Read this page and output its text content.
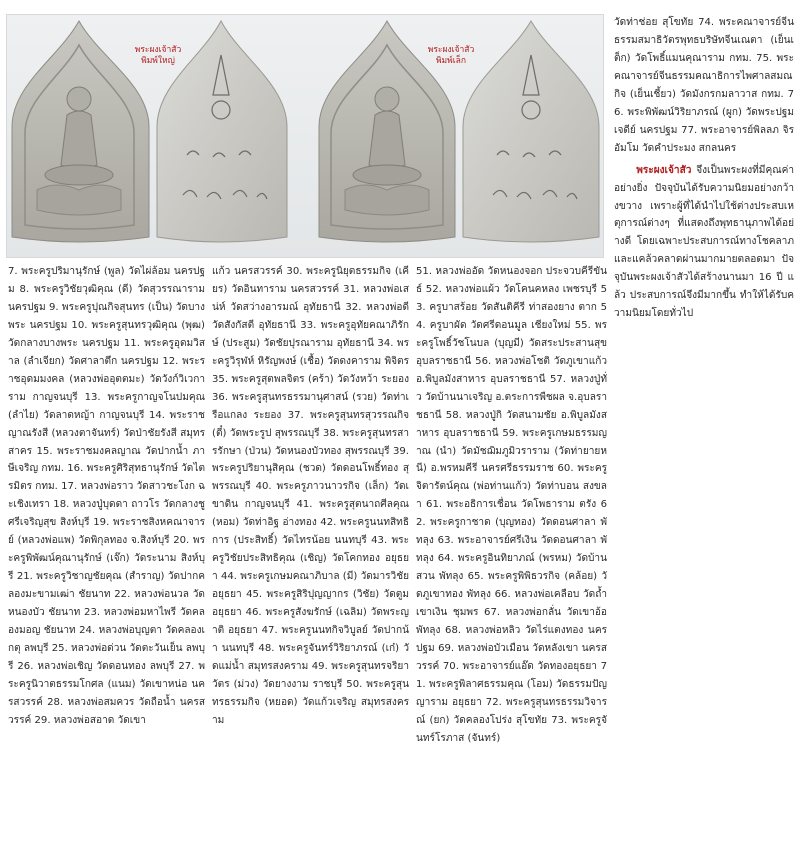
พระผงเจ้าสัว
พิมพ์ใหญ่
พระผงเจ้าสัว
พิมพ์เล็ก

7. พระครูปริมานุรักษ์ (พูล) วัดไผ่ล้อม นครปฐม 8. พระครูวิชัยวุฒิคุณ (ดี) วัดสุวรรณาราม นครปฐม 9. พระครูปุณกิจสุนทร (เป็น) วัดบางพระ นครปฐม 10. พระครูสุนทรวุฒิคุณ (พุฒ) วัดกลางบางพระ นครปฐม 11. พระครูอุดมวิสาล (ลำเจียก) วัดศาลาตึก นครปฐม 12. พระราชอุดมมงคล (หลวงพ่ออุตตมะ) วัดวังก์วิเวการาม กาญจนบุรี 13. พระครูกาญจโนปมคุณ (ลำไย) วัดลาดหญ้า กาญจนบุรี 14. พระราชญาณรังสี (หลวงตาจันทร์) วัดป่าชัยรังสี สมุทรสาคร 15. พระราชมงคลญาณ วัดปากน้ำ ภาษีเจริญ กทม. 16. พระครูศิริสุทธานุรักษ์ วัดไตรมิตร กทม. 17. หลวงพ่อราว วัดสาวชะโงก ฉะเชิงเทรา 18. หลวงปู่บุดดา ถาวโร วัดกลางชูศรีเจริญสุข สิงห์บุรี 19. พระราชสิงหคณาจารย์ (หลวงพ่อแพ) วัดพิกุลทอง จ.สิงห์บุรี 20. พระครูพิพัฒน์คุณานุรักษ์ (เจ๊ก) วัดระนาม สิงห์บุรี 21. พระครูวิชาญชัยคุณ (สำราญ) วัดปากคลองมะขามเฒ่า ชัยนาท 22. หลวงพ่อนวล วัดหนองบัว ชัยนาท 23. หลวงพ่อมหาไพรี วัดคลองมอญ ชัยนาท 24. หลวงพ่อบุญตา วัดคลองเกตุ ลพบุรี 25. หลวงพ่อด่วน วัดตะวันเย็น ลพบุรี 26. หลวงพ่อเชิญ วัดดอนทอง ลพบุรี 27. พระครูนิวาตธรรมโกศล (แนม) วัดเขาหน่อ นครสวรรค์ 28. หลวงพ่อสมควร วัดถือน้ำ นครสวรรค์ 29. หลวงพ่อสอาด วัดเขา

แก้ว นครสวรรค์ 30. พระครูนิยุตธรรมกิจ (เคียร) วัดอินทาราม นครสวรรค์ 31. หลวงพ่อเสน่ห์ วัดสว่างอารมณ์ อุทัยธานี 32. หลวงพ่อดี วัดสังกัสตี อุทัยธานี 33. พระครูอุทัยคณาภิรักษ์ (ประสูม) วัดชัยปุรณาราม อุทัยธานี 34. พระครูวิรุฬห์ หิรัญพงษ์ (เชื้อ) วัดดงคาราม พิจิตร 35. พระครูสุตพลจิตร (คร้า) วัดวังหว้า ระยอง 36. พระครูสุนทรธรรมานุศาสน์ (รวย) วัดท่าเรือแกลง ระยอง 37. พระครูสุนทรสุวรรณกิจ (ตี๋) วัดพระรูป สุพรรณบุรี 38. พระครูสุนทรสารรักษา (ป่วน) วัดหนองบัวทอง สุพรรณบุรี 39. พระครูปริยานุสิคุณ (ชวด) วัดดอนโพธิ์ทอง สุพรรณบุรี 40. พระครูภาวนาวรกิจ (เล็ก) วัดเขาดิน กาญจนบุรี 41. พระครูสุตนาถศีลคุณ (หอม) วัดท่าอิฐ อ่างทอง 42. พระครูนนทสิทธิการ (ประสิทธิ์) วัดไทรน้อย นนทบุรี 43. พระครูวิชัยประสิทธิคุณ (เชิญ) วัดโคกทอง อยุธยา 44. พระครูเกษมคณาภิบาล (มี) วัดมารวิชัย อยุธยา 45. พระครูสิริปุญญากร (วิชัย) วัดตูม อยุธยา 46. พระครูสังฆรักษ์ (เฉลิม) วัดพระญาติ อยุธยา 47. พระครูนนทกิจวิบูลย์ วัดปากน้ำ นนทบุรี 48. พระครูจันทร์วิริยาภรณ์ (เก๋) วัดแม่น้ำ สมุทรสงคราม 49. พระครูสุนทรจริยาวัตร (ม่วง) วัดยางงาม ราชบุรี 50. พระครูสุนทรธรรมกิจ (หยอด) วัดแก้วเจริญ สมุทรสงคราม

51. หลวงพ่ออัด วัดหนองจอก ประจวบคีรีขันธ์ 52. หลวงพ่อแผ้ว วัดโคนคหลง เพชรบุรี 53. ครูบาสร้อย วัดสันติคีรี ท่าสองยาง ตาก 54. ครูบาผัด วัดศรีดอนมูล เชียงใหม่ 55. พระครูโพธิ์วัชโนบล (บุญมี) วัดสระประสานสุข อุบลราชธานี 56. หลวงพ่อโชติ วัดภูเขาแก้ว อ.พิบูลมังสาหาร อุบลราชธานี 57. หลวงปู่ทั่ว วัดบ้านนาเจริญ อ.ตระการพืชผล จ.อุบลราชธานี 58. หลวงปู่กิ วัดสนามชัย อ.พิบูลมังสาหาร อุบลราชธานี 59. พระครูเกษมธรรมญาณ (นำ) วัดมัชฌิมภูมิวราราม (วัดท่ายายหนี) อ.พรหมคีรี นครศรีธรรมราช 60. พระครูจิตารัตน์คุณ (พ่อท่านแก้ว) วัดท่าบอน สงขลา 61. พระอธิการเชื่อน วัดโพธาราม ตรัง 62. พระครูกาชาด (บุญทอง) วัดดอนศาลา พัทลุง 63. พระอาจารย์ศรีเงิน วัดดอนศาลา พัทลุง 64. พระครูอินทิยาภณ์ (พรหม) วัดบ้านสวน พัทลุง 65. พระครูพิพิธวรกิจ (คล้อย) วัดภูเขาทอง พัทลุง 66. หลวงพ่อเคลือบ วัดถ้ำเขาเงิน ชุมพร 67. หลวงพ่อกลั่น วัดเขาอ้อ พัทลุง 68. หลวงพ่อหลิว วัดไร่แตงทอง นครปฐม 69. หลวงพ่อบัวเมือน วัดหลังเขา นครสวรรค์ 70. พระอาจารย์แอ๊ด วัดทองอยุธยา 71. พระครูพิลาศธรรมคุณ (โอม) วัดธรรมปัญญาราม อยุธยา 72. พระครูสุนทรธรรมวิจารณ์ (ยก) วัดคลองโปร่ง สุโขทัย 73. พระครูจันทร์โรภาส (จันทร์)

วัดท่าช่อย สุโขทัย 74. พระคณาจารย์จีนธรรมสมาธิวัตรพุทธบริษัทจีนเณตา (เย็นเต็ก) วัดโพธิ์แมนคุณาราม กทม. 75. พระคณาจารย์จีนธรรมคณาธิการไพศาลสมณกิจ (เย็นเชี้ยว) วัดมังกรกมลาวาส กทม. 76. พระพิพัฒน์วิริยาภรณ์ (ผูก) วัดพระปฐมเจดีย์ นครปฐม 77. พระอาจารย์พิลลภ จิรอัมโม วัดคำประมง สกลนคร

พระผงเจ้าสัว จึงเป็นพระผงที่มีคุณค่าอย่างยิ่ง ปัจจุบันได้รับความนิยมอย่างกว้างขวาง เพราะผู้ที่ได้นำไปใช้ต่างประสบเหตุการณ์ต่างๆ ที่แสดงถึงพุทธานุภาพได้อย่างดี โดยเฉพาะประสบการณ์ทางโชคลาภและแคล้วคลาดผ่านมากมายตลอดมา ปัจจุบันพระผงเจ้าสัวได้สร้างนานมา 16 ปี แล้ว ประสบการณ์จึงมีมากขึ้น ทำให้ได้รับความนิยมโดยทั่วไป
